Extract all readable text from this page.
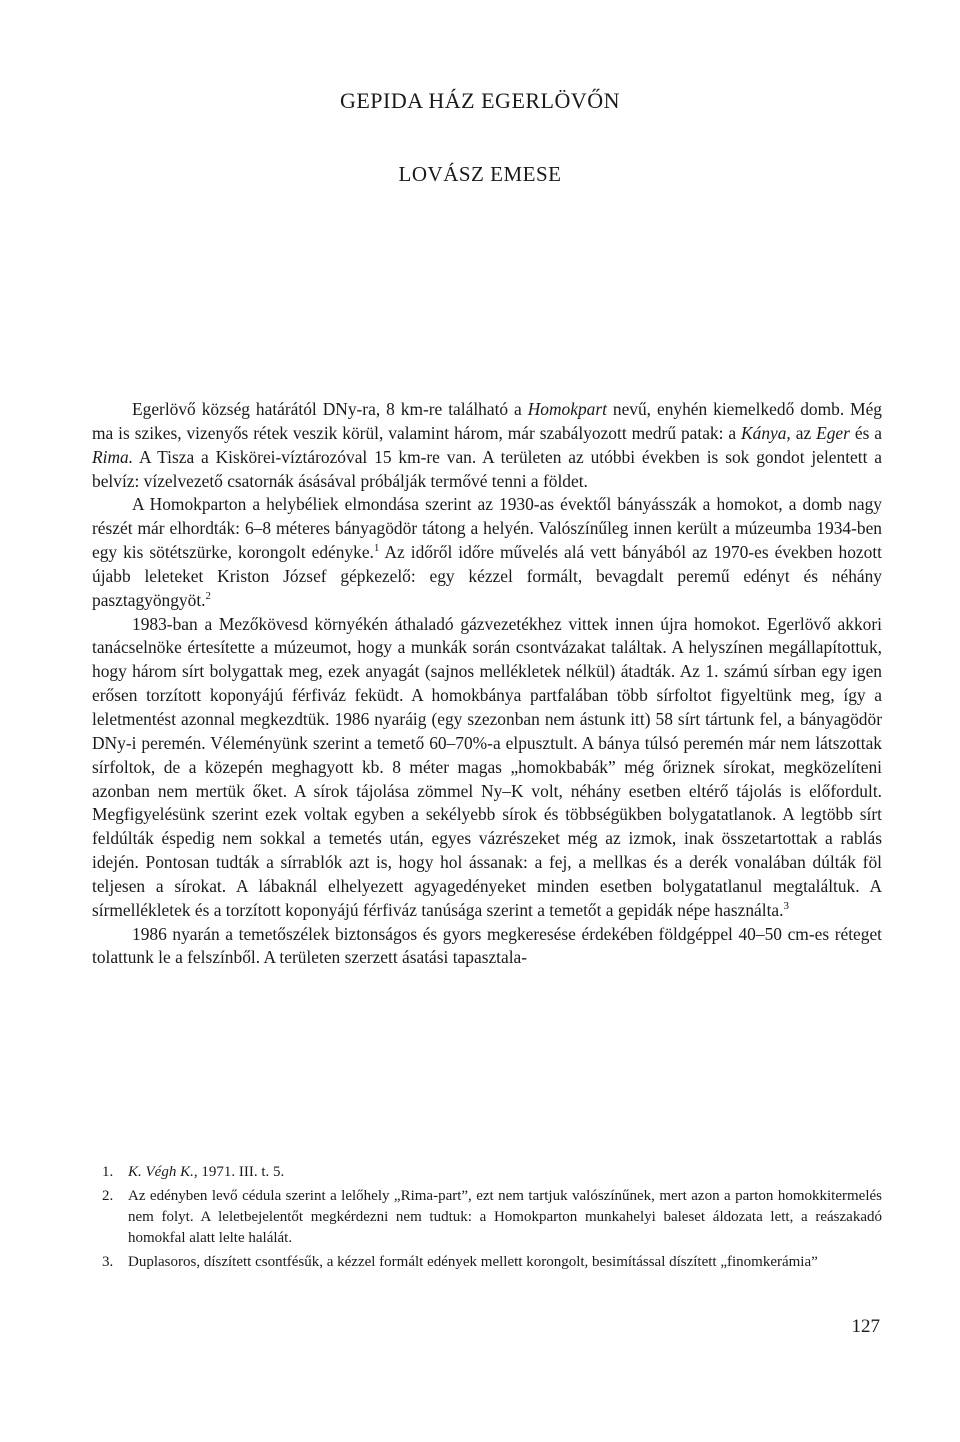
GEPIDA HÁZ EGERLÖVŐN
LOVÁSZ EMESE

Egerlövő község határától DNy-ra, 8 km-re található a Homokpart nevű, enyhén kiemelkedő domb. Még ma is szikes, vizenyős rétek veszik körül, valamint három, már szabályozott medrű patak: a Kánya, az Eger és a Rima. A Tisza a Kiskörei-víztározóval 15 km-re van. A területen az utóbbi években is sok gondot jelentett a belvíz: vízelvezető csatornák ásásával próbálják termővé tenni a földet.

A Homokparton a helybéliek elmondása szerint az 1930-as évektől bányásszák a homokot, a domb nagy részét már elhordták: 6–8 méteres bányagödör tátong a helyén. Valószínűleg innen került a múzeumba 1934-ben egy kis sötétszürke, korongolt edényke.$^1$ Az időről időre művelés alá vett bányából az 1970-es években hozott újabb leleteket Kriston József gépkezelő: egy kézzel formált, bevagdalt peremű edényt és néhány pasztagyöngyöt.$^2$

1983-ban a Mezőkövesd környékén áthaladó gázvezetékhez vittek innen újra homokot. Egerlövő akkori tanácselnöke értesítette a múzeumot, hogy a munkák során csontvázakat találtak. A helyszínen megállapítottuk, hogy három sírt bolygattak meg, ezek anyagát (sajnos mellékletek nélkül) átadták. Az 1. számú sírban egy igen erősen torzított koponyájú férfiváz feküdt. A homokbánya partfalában több sírfoltot figyeltünk meg, így a leletmentést azonnal megkezdtük. 1986 nyaráig (egy szezonban nem ástunk itt) 58 sírt tártunk fel, a bányagödör DNy-i peremén. Véleményünk szerint a temető 60–70%-a elpusztult. A bánya túlsó peremén már nem látszottak sírfoltok, de a közepén meghagyott kb. 8 méter magas „homokbabák” még őriznek sírokat, megközelíteni azonban nem mertük őket. A sírok tájolása zömmel Ny–K volt, néhány esetben eltérő tájolás is előfordult. Megfigyelésünk szerint ezek voltak egyben a sekélyebb sírok és többségükben bolygatatlanok. A legtöbb sírt feldúlták éspedig nem sokkal a temetés után, egyes vázrészeket még az izmok, inak összetartottak a rablás idején. Pontosan tudták a sírrablók azt is, hogy hol ássanak: a fej, a mellkas és a derék vonalában dúlták föl teljesen a sírokat. A lábaknál elhelyezett agyagedényeket minden esetben bolygatatlanul megtaláltuk. A sírmellékletek és a torzított koponyájú férfiváz tanúsága szerint a temetőt a gepidák népe használta.$^3$

1986 nyarán a temetőszélek biztonságos és gyors megkeresése érdekében földgéppel 40–50 cm-es réteget tolattunk le a felszínből. A területen szerzett ásatási tapasztala-

1. K. Végh K., 1971. III. t. 5.
2. Az edényben levő cédula szerint a lelőhely „Rima-part”, ezt nem tartjuk valószínűnek, mert azon a parton homokkitermelés nem folyt. A leletbejelentőt megkérdezni nem tudtuk: a Homokparton munkahelyi baleset áldozata lett, a reászakadó homokfal alatt lelte halálát.
3. Duplasoros, díszített csontfésűk, a kézzel formált edények mellett korongolt, besimítással díszített „finomkerámia”
127
